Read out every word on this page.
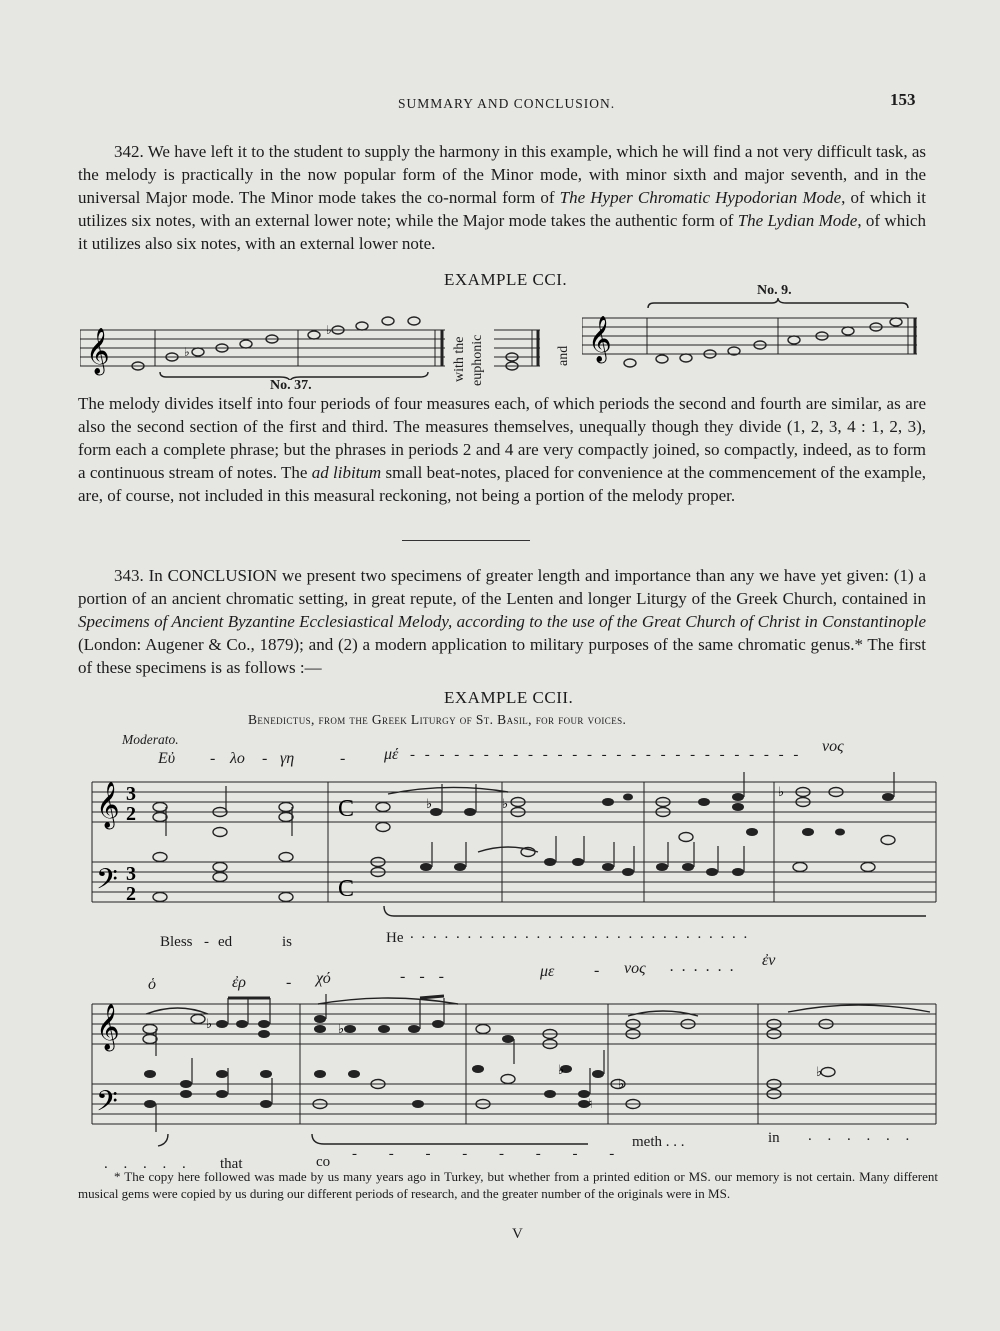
SUMMARY AND CONCLUSION.	153

342. We have left it to the student to supply the harmony in this example, which he will find a not very difficult task, as the melody is practically in the now popular form of the Minor mode, with minor sixth and major seventh, and in the universal Major mode. The Minor mode takes the co-normal form of The Hyper Chromatic Hypodorian Mode, of which it utilizes six notes, with an external lower note; while the Major mode takes the authentic form of The Lydian Mode, of which it utilizes also six notes, with an external lower note.

EXAMPLE CCI.
No. 9.
No. 37.
𝄞	♭
♭
with the euphonic	and 𝄞

The melody divides itself into four periods of four measures each, of which periods the second and fourth are similar, as are also the second section of the first and third. The measures themselves, unequally though they divide (1, 2, 3, 4 : 1, 2, 3), form each a complete phrase; but the phrases in periods 2 and 4 are very compactly joined, so compactly, indeed, as to form a continuous stream of notes. The ad libitum small beat-notes, placed for convenience at the commencement of the example, are, of course, not included in this measural reckoning, not being a portion of the melody proper.

343. In CONCLUSION we present two specimens of greater length and importance than any we have yet given: (1) a portion of an ancient chromatic setting, in great repute, of the Lenten and longer Liturgy of the Greek Church, contained in Specimens of Ancient Byzantine Ecclesiastical Melody, according to the use of the Great Church of Christ in Constantinople (London: Augener & Co., 1879); and (2) a modern application to military purposes of the same chromatic genus.* The first of these specimens is as follows :—

EXAMPLE CCII.
Moderato.
Benedictus, from the Greek Liturgy of St. Basil, for four voices.
Εὐ - λο - γη	- μέ - - - - - - - - - - - - - - - - - - - - - - - - - - - νος
𝄞
𝄢
3
2
3
2
C
C
♭	♭
♭
Bless - ed	is	He . . . . . . . . . . . . . . . . . . . . . . . . . . . . . .
ὁ	ἐρ	- χό	- - -	με - νος . . . . . . ἐν
𝄞
𝄢
♭	♭
♭
♭
♭
♮
. . . . . that	co - - - - - - - -
meth . . .	in . . . . . .

* The copy here followed was made by us many years ago in Turkey, but whether from a printed edition or MS. our memory is not certain. Many different musical gems were copied by us during our different periods of research, and the greater number of the originals were in MS.

V
